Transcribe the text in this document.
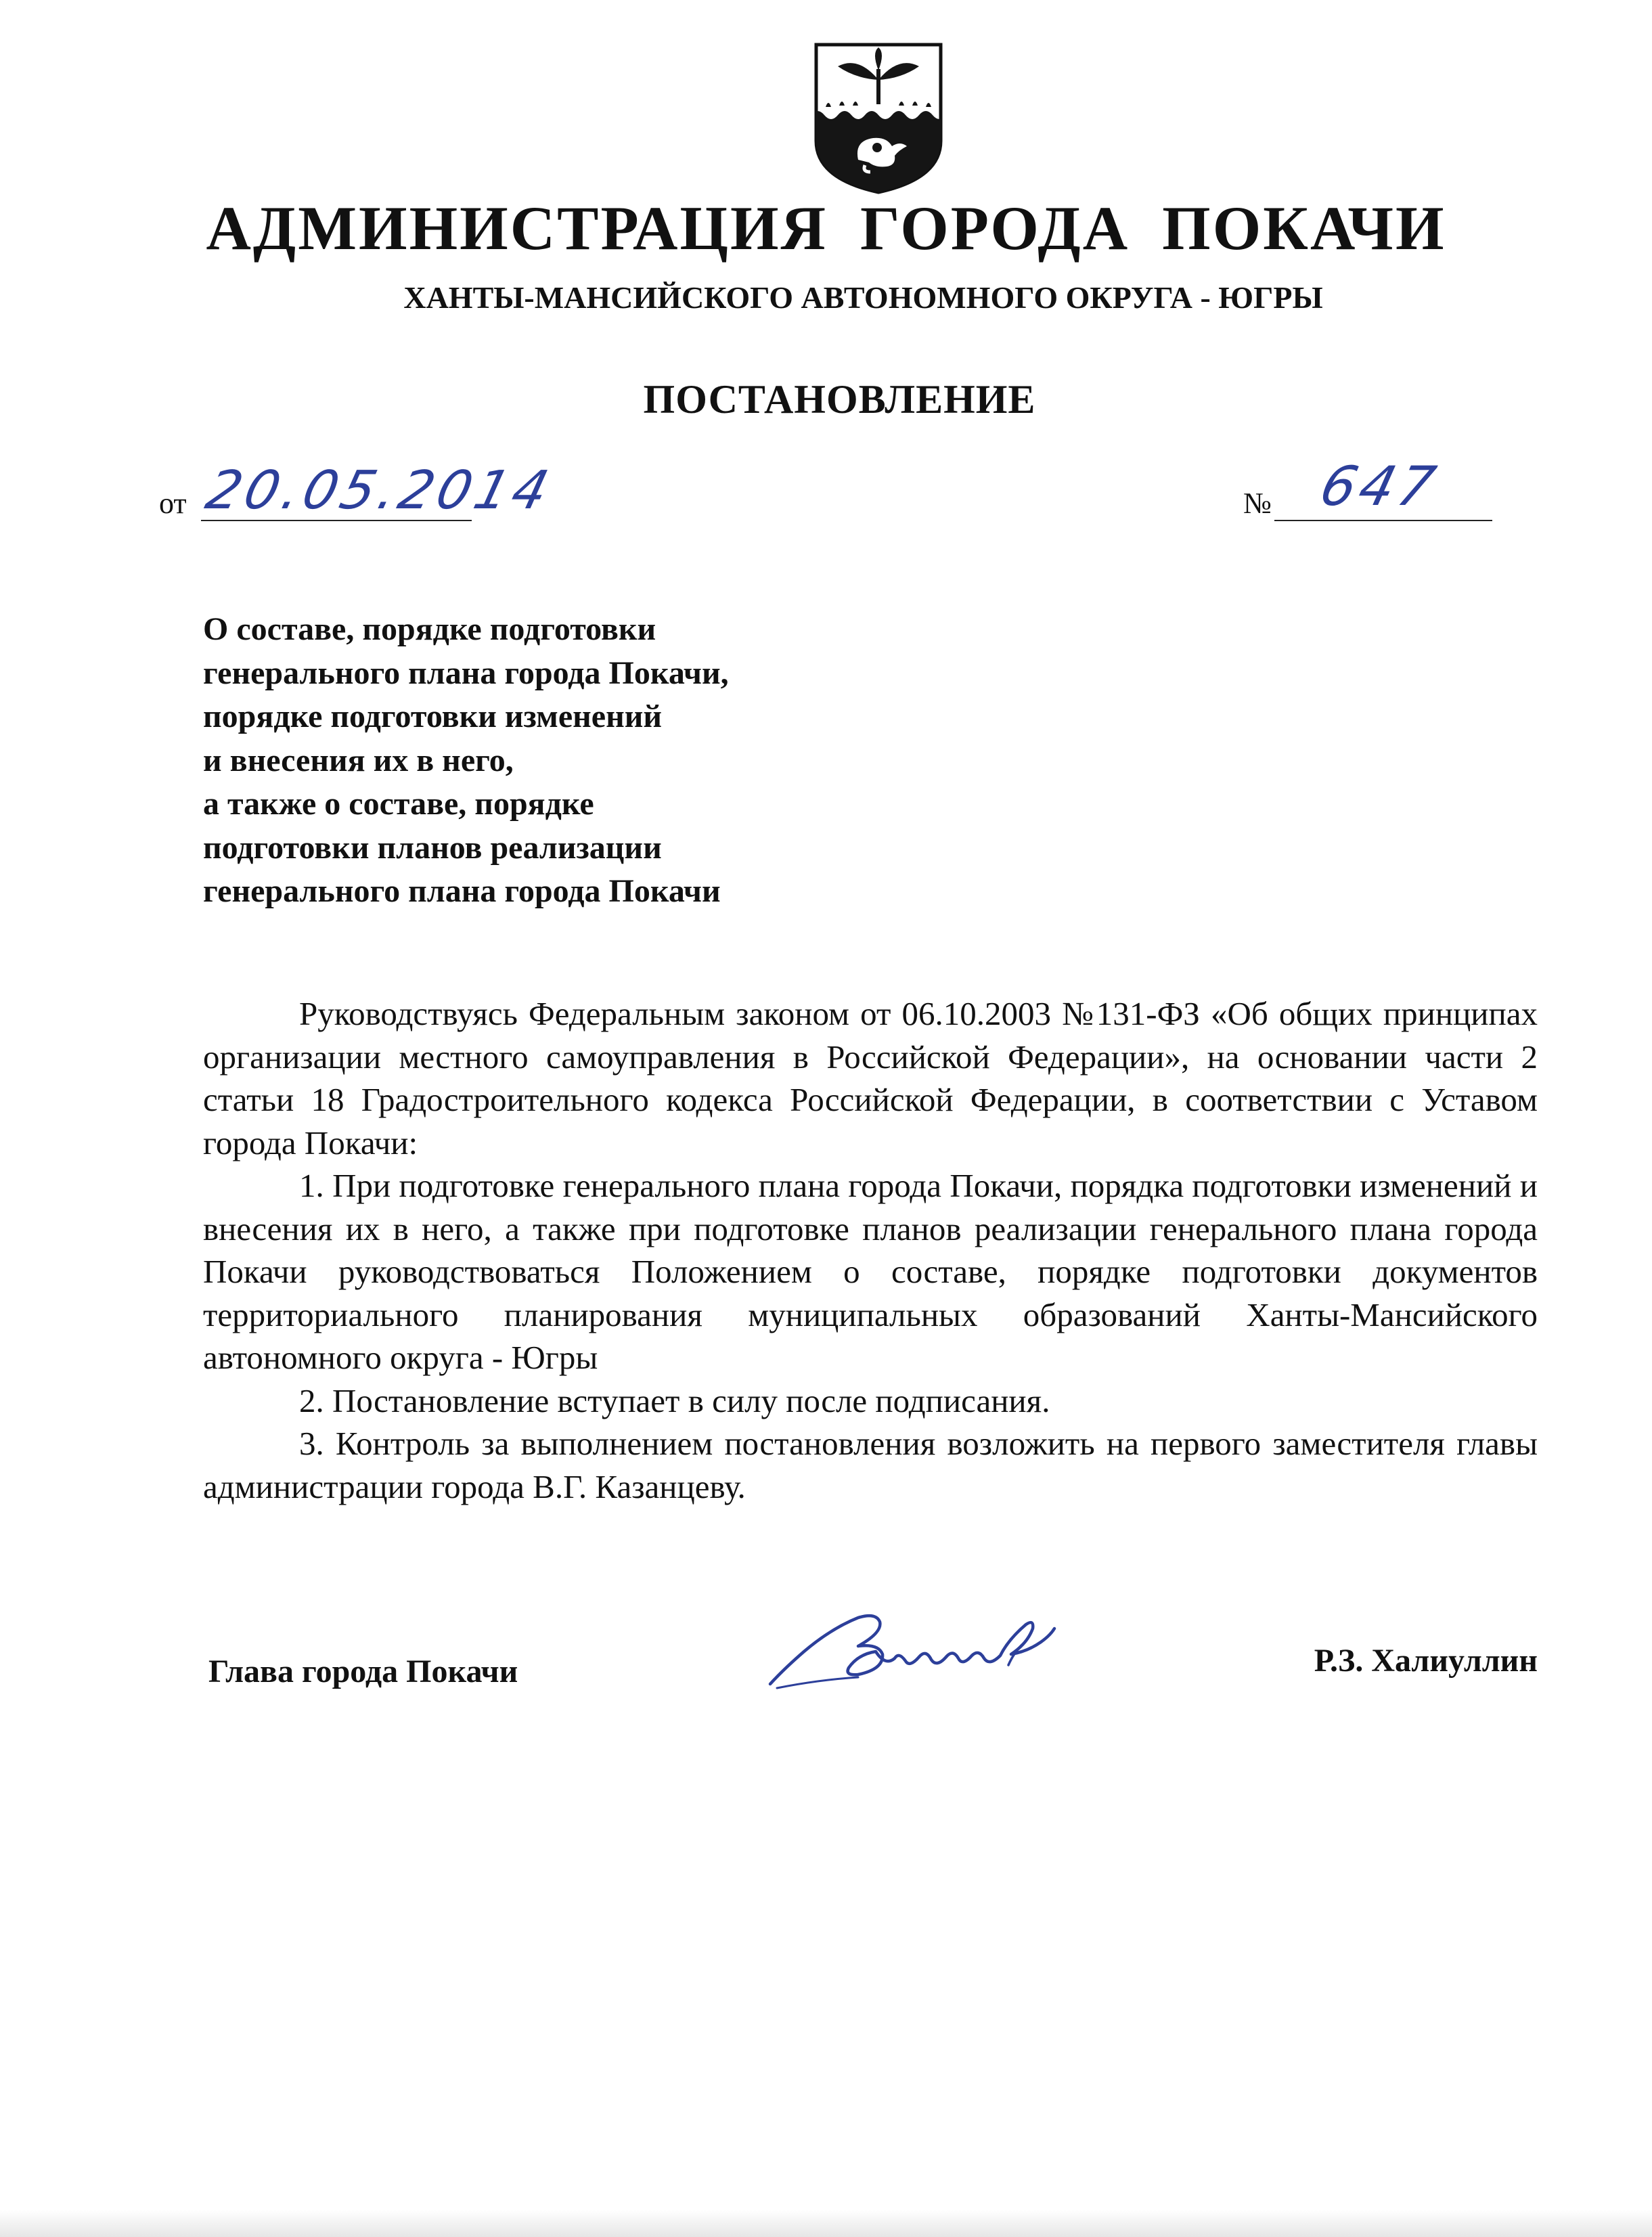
АДМИНИСТРАЦИЯ ГОРОДА ПОКАЧИ
ХАНТЫ-МАНСИЙСКОГО АВТОНОМНОГО ОКРУГА - ЮГРЫ
ПОСТАНОВЛЕНИЕ
от 20.05.2014	№ 647
О составе, порядке подготовки
генерального плана города Покачи,
порядке подготовки изменений
и внесения их в него,
а также о составе, порядке
подготовки планов реализации
генерального плана города Покачи

Руководствуясь Федеральным законом от 06.10.2003 №131-ФЗ «Об общих принципах организации местного самоуправления в Российской Федерации», на основании части 2 статьи 18 Градостроительного кодекса Российской Федерации, в соответствии с Уставом города Покачи:

1. При подготовке генерального плана города Покачи, порядка подготовки изменений и внесения их в него, а также при подготовке планов реализации генерального плана города Покачи руководствоваться Положением о составе, порядке подготовки документов территориального планирования муниципальных образований Ханты-Мансийского автономного округа - Югры

2. Постановление вступает в силу после подписания.

3. Контроль за выполнением постановления возложить на первого заместителя главы администрации города В.Г. Казанцеву.

Глава города Покачи	Р.З. Халиуллин
